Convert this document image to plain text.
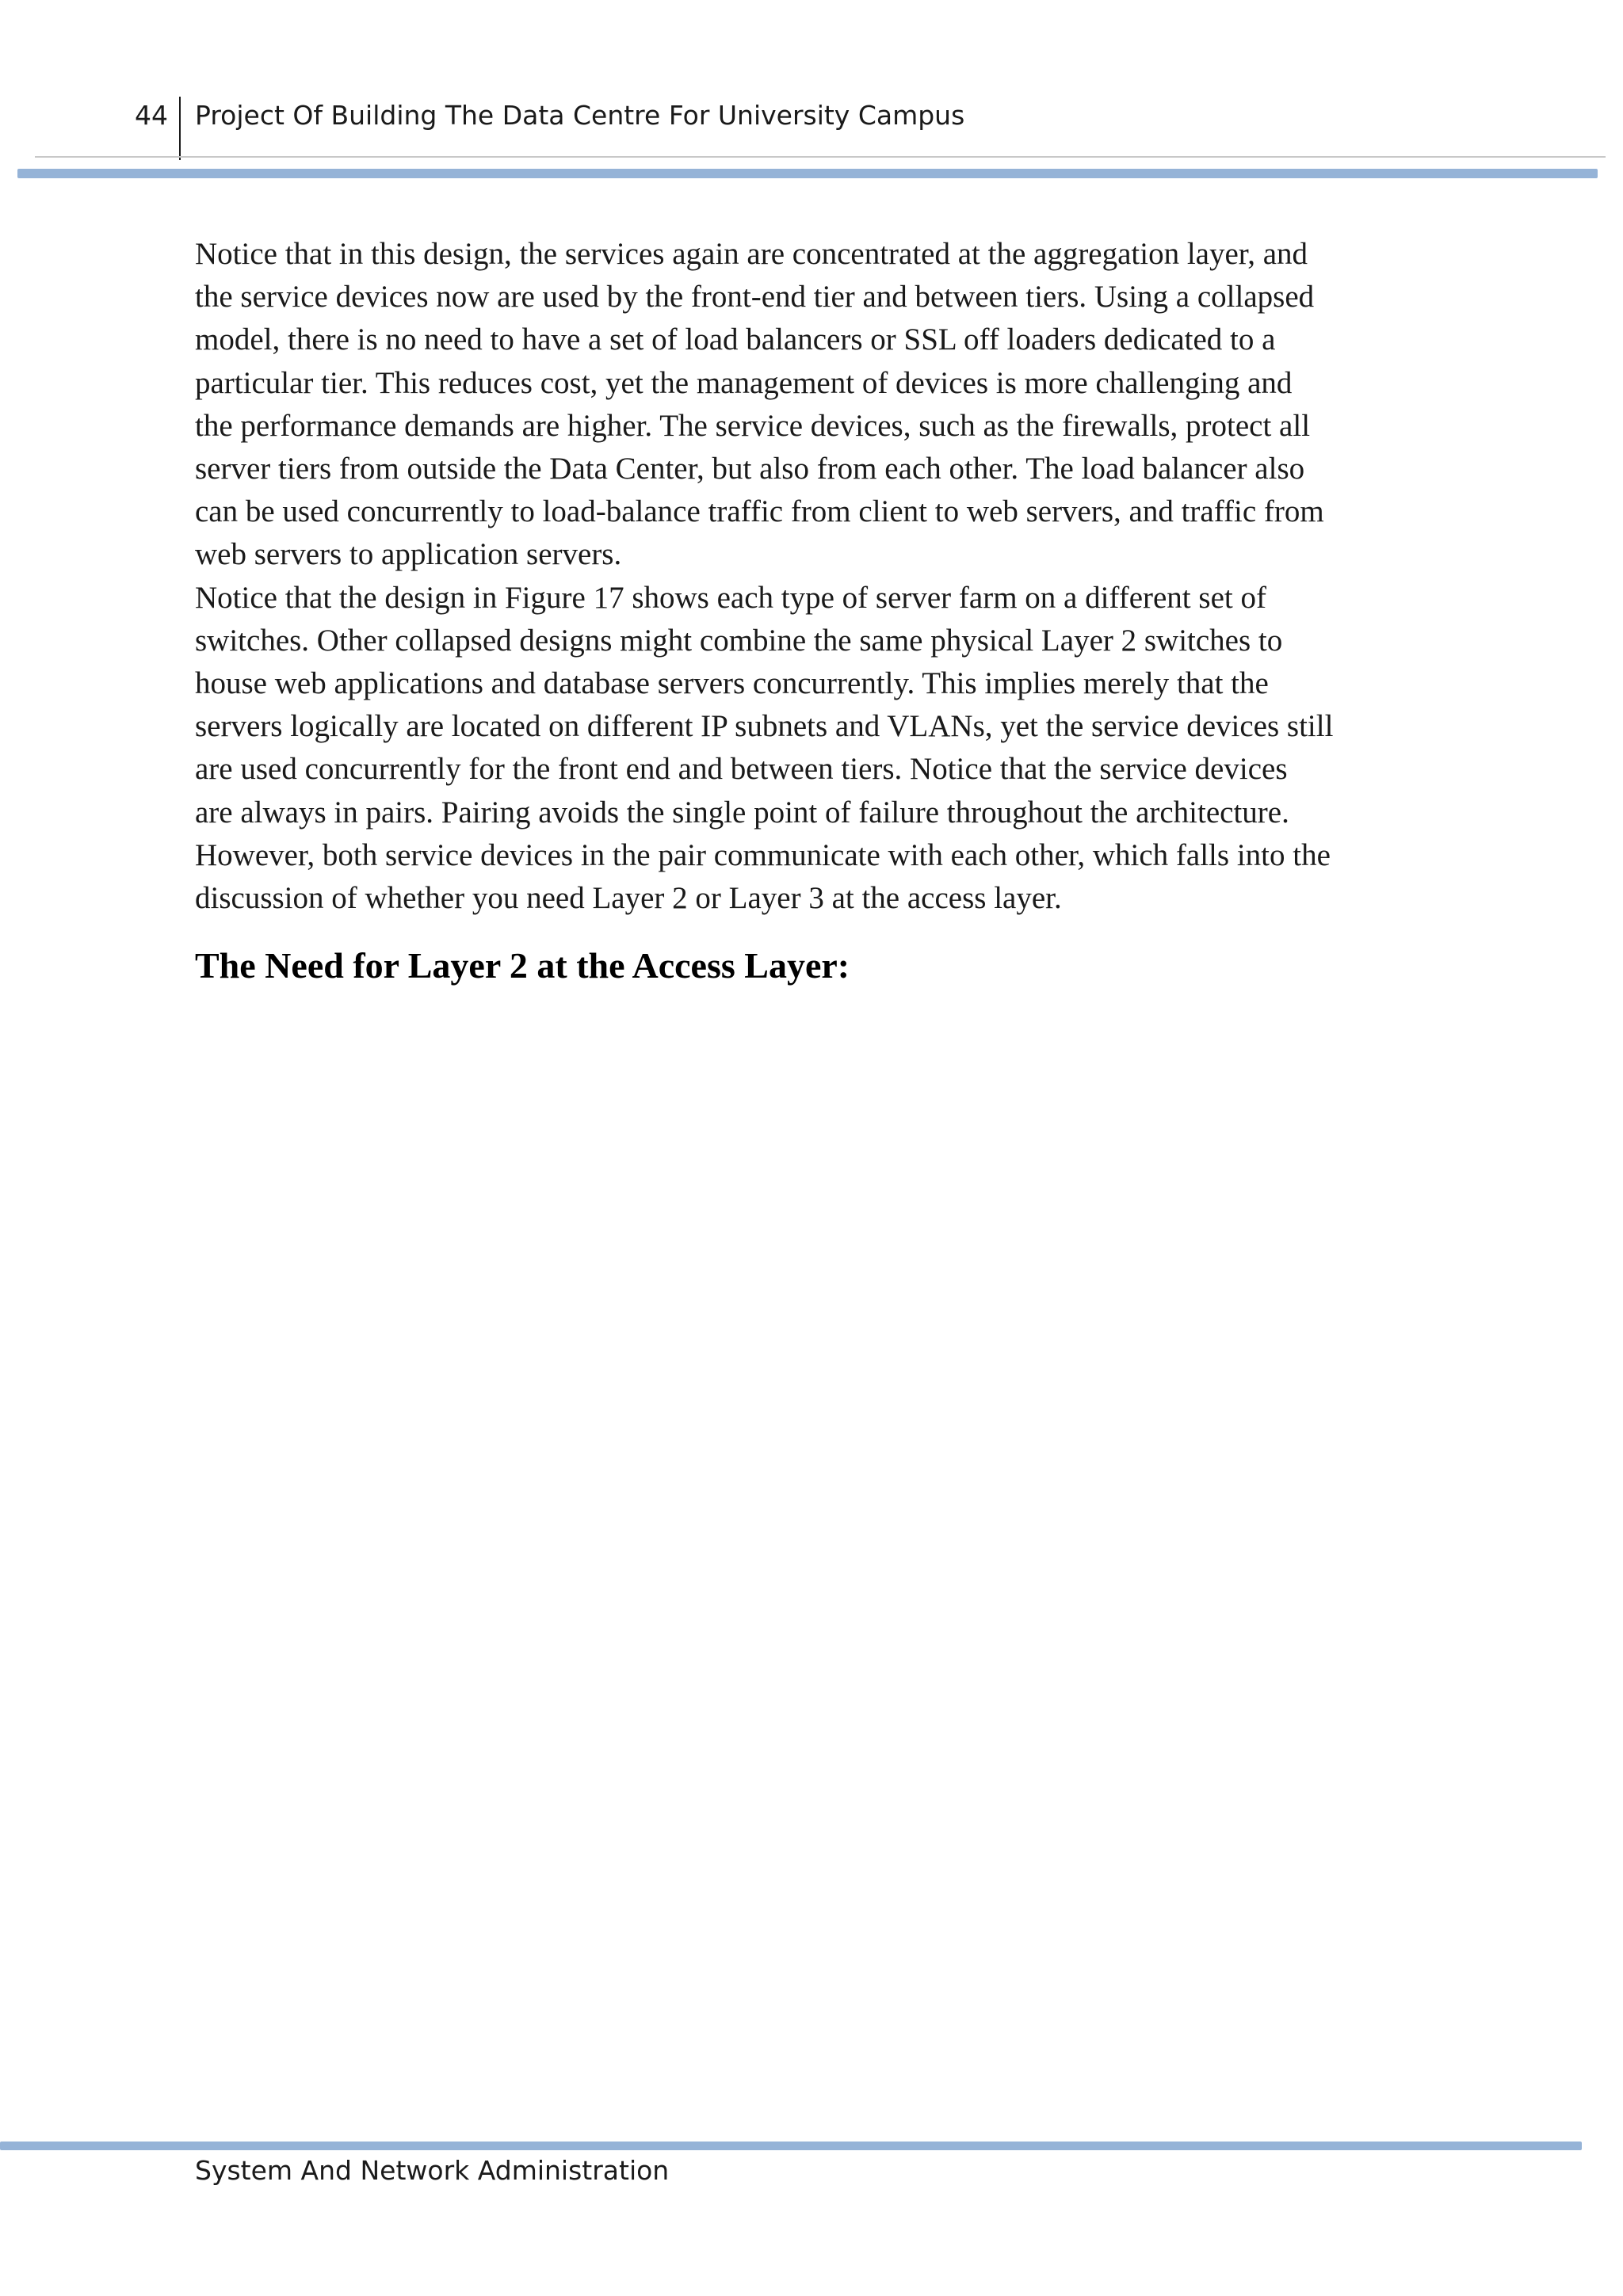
44 Project Of Building The Data Centre For University Campus

Notice that in this design, the services again are concentrated at the aggregation layer, and
the service devices now are used by the front-end tier and between tiers. Using a collapsed
model, there is no need to have a set of load balancers or SSL off loaders dedicated to a
particular tier. This reduces cost, yet the management of devices is more challenging and
the performance demands are higher. The service devices, such as the firewalls, protect all
server tiers from outside the Data Center, but also from each other. The load balancer also
can be used concurrently to load-balance traffic from client to web servers, and traffic from
web servers to application servers.

Notice that the design in Figure 17 shows each type of server farm on a different set of
switches. Other collapsed designs might combine the same physical Layer 2 switches to
house web applications and database servers concurrently. This implies merely that the
servers logically are located on different IP subnets and VLANs, yet the service devices still
are used concurrently for the front end and between tiers. Notice that the service devices
are always in pairs. Pairing avoids the single point of failure throughout the architecture.
However, both service devices in the pair communicate with each other, which falls into the
discussion of whether you need Layer 2 or Layer 3 at the access layer.

The Need for Layer 2 at the Access Layer:
System And Network Administration
